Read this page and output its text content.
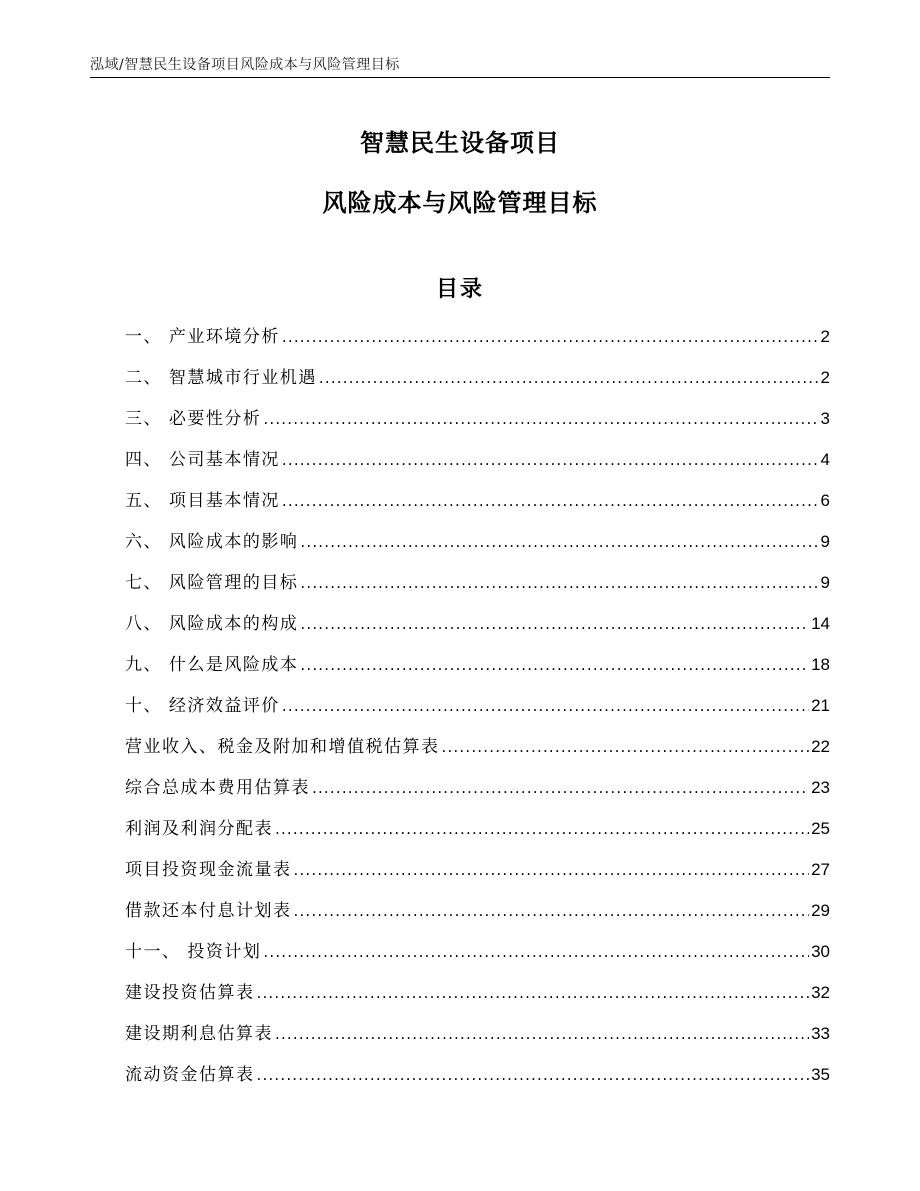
泓域/智慧民生设备项目风险成本与风险管理目标
智慧民生设备项目
风险成本与风险管理目标
目录
一、 产业环境分析 .....	2
二、 智慧城市行业机遇 .....	2
三、 必要性分析 .....	3
四、 公司基本情况 .....	4
五、 项目基本情况 .....	6
六、 风险成本的影响 .....	9
七、 风险管理的目标 .....	9
八、 风险成本的构成 .....	14
九、 什么是风险成本 .....	18
十、 经济效益评价 .....	21
营业收入、税金及附加和增值税估算表 .....	22
综合总成本费用估算表 .....	23
利润及利润分配表 .....	25
项目投资现金流量表 .....	27
借款还本付息计划表 .....	29
十一、 投资计划 .....	30
建设投资估算表 .....	32
建设期利息估算表 .....	33
流动资金估算表 .....	35
